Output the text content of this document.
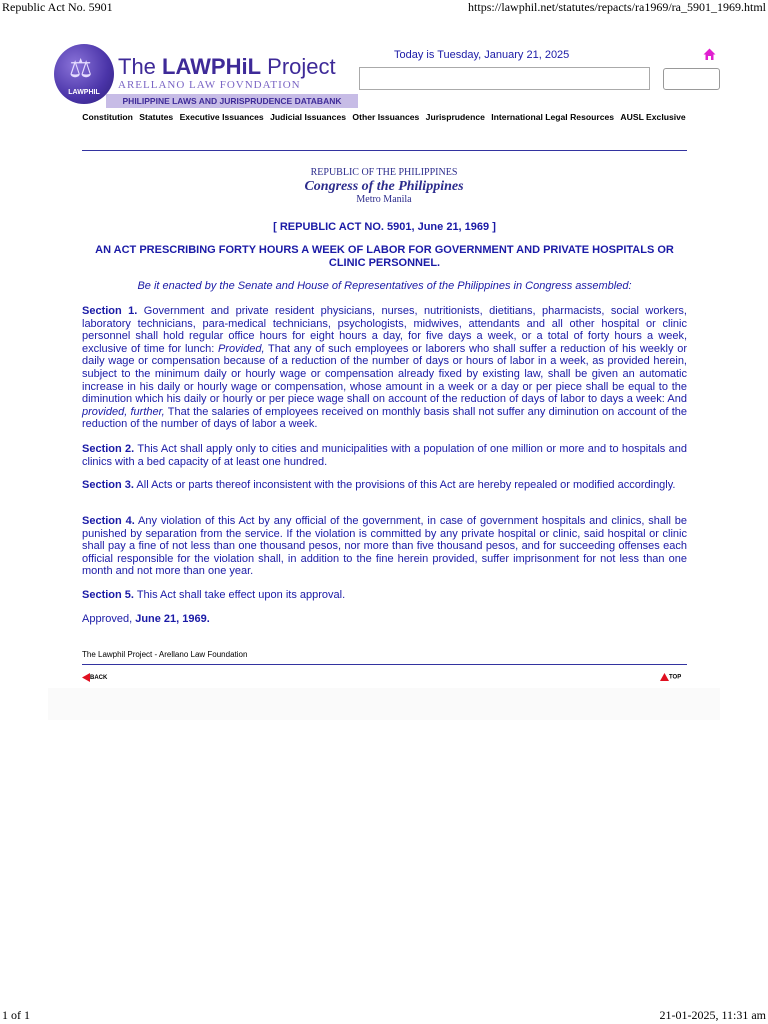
Republic Act No. 5901	https://lawphil.net/statutes/repacts/ra1969/ra_5901_1969.html
⚖
LAWPHIL
The LAWPHiL Project
ARELLANO LAW FOVNDATION
PHILIPPINE LAWS AND JURISPRUDENCE DATABANK
Today is Tuesday, January 21, 2025
Constitution Statutes Executive Issuances Judicial Issuances Other Issuances Jurisprudence International Legal Resources AUSL Exclusive
REPUBLIC OF THE PHILIPPINES
Congress of the Philippines
Metro Manila
[ REPUBLIC ACT NO. 5901, June 21, 1969 ]
AN ACT PRESCRIBING FORTY HOURS A WEEK OF LABOR FOR GOVERNMENT AND PRIVATE HOSPITALS OR CLINIC PERSONNEL.
Be it enacted by the Senate and House of Representatives of the Philippines in Congress assembled:

Section 1. Government and private resident physicians, nurses, nutritionists, dietitians, pharmacists, social workers, laboratory technicians, para-medical technicians, psychologists, midwives, attendants and all other hospital or clinic personnel shall hold regular office hours for eight hours a day, for five days a week, or a total of forty hours a week, exclusive of time for lunch: Provided, That any of such employees or laborers who shall suffer a reduction of his weekly or daily wage or compensation because of a reduction of the number of days or hours of labor in a week, as provided herein, subject to the minimum daily or hourly wage or compensation already fixed by existing law, shall be given an automatic increase in his daily or hourly wage or compensation, whose amount in a week or a day or per piece shall be equal to the diminution which his daily or hourly or per piece wage shall on account of the reduction of days of labor to days a week: And provided, further, That the salaries of employees received on monthly basis shall not suffer any diminution on account of the reduction of the number of days of labor a week.

Section 2. This Act shall apply only to cities and municipalities with a population of one million or more and to hospitals and clinics with a bed capacity of at least one hundred.

Section 3. All Acts or parts thereof inconsistent with the provisions of this Act are hereby repealed or modified accordingly.

Section 4. Any violation of this Act by any official of the government, in case of government hospitals and clinics, shall be punished by separation from the service. If the violation is committed by any private hospital or clinic, said hospital or clinic shall pay a fine of not less than one thousand pesos, nor more than five thousand pesos, and for succeeding offenses each official responsible for the violation shall, in addition to the fine herein provided, suffer imprisonment for not less than one month and not more than one year.

Section 5. This Act shall take effect upon its approval.

Approved, June 21, 1969.

The Lawphil Project - Arellano Law Foundation
BACK	TOP
1 of 1	21-01-2025, 11:31 am
